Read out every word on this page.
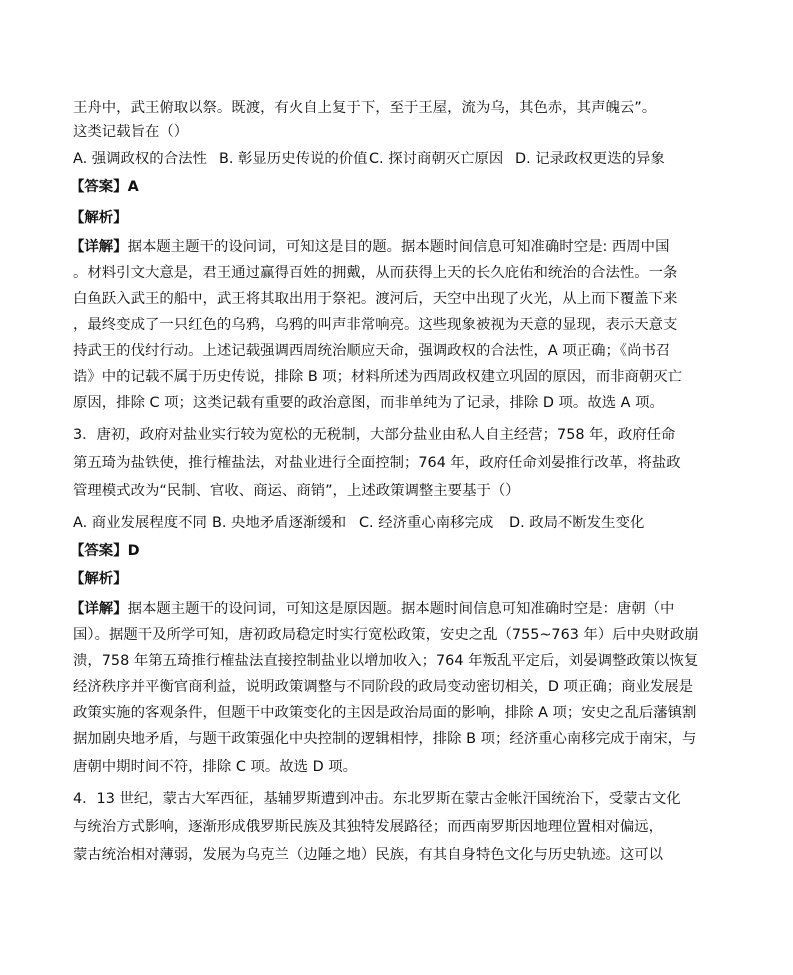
王舟中，武王俯取以祭。既渡，有火自上复于下，至于王屋，流为乌，其色赤，其声魄云”。
这类记载旨在（）
A. 强调政权的合法性 B. 彰显历史传说的价值 C. 探讨商朝灭亡原因 D. 记录政权更迭的异象
【答案】A
【解析】
【详解】据本题主题干的设问词，可知这是目的题。据本题时间信息可知准确时空是: 西周中国
。材料引文大意是，君王通过赢得百姓的拥戴，从而获得上天的长久庇佑和统治的合法性。一条
白鱼跃入武王的船中，武王将其取出用于祭祀。渡河后，天空中出现了火光，从上而下覆盖下来
，最终变成了一只红色的乌鸦，乌鸦的叫声非常响亮。这些现象被视为天意的显现，表示天意支
持武王的伐纣行动。上述记载强调西周统治顺应天命，强调政权的合法性，A 项正确；《尚书召
诰》中的记载不属于历史传说，排除 B 项；材料所述为西周政权建立巩固的原因，而非商朝灭亡
原因，排除 C 项；这类记载有重要的政治意图，而非单纯为了记录，排除 D 项。故选 A 项。
3．唐初，政府对盐业实行较为宽松的无税制，大部分盐业由私人自主经营；758 年，政府任命
第五琦为盐铁使，推行榷盐法，对盐业进行全面控制；764 年，政府任命刘晏推行改革，将盐政
管理模式改为“民制、官收、商运、商销”，上述政策调整主要基于（）
A. 商业发展程度不同 B. 央地矛盾逐渐缓和 C. 经济重心南移完成 D. 政局不断发生变化
【答案】D
【解析】
【详解】据本题主题干的设问词，可知这是原因题。据本题时间信息可知准确时空是：唐朝（中
国）。据题干及所学可知，唐初政局稳定时实行宽松政策，安史之乱（755~763 年）后中央财政崩
溃，758 年第五琦推行榷盐法直接控制盐业以增加收入；764 年叛乱平定后，刘晏调整政策以恢复
经济秩序并平衡官商利益，说明政策调整与不同阶段的政局变动密切相关，D 项正确；商业发展是
政策实施的客观条件，但题干中政策变化的主因是政治局面的影响，排除 A 项；安史之乱后藩镇割
据加剧央地矛盾，与题干政策强化中央控制的逻辑相悖，排除 B 项；经济重心南移完成于南宋，与
唐朝中期时间不符，排除 C 项。故选 D 项。
4．13 世纪，蒙古大军西征，基辅罗斯遭到冲击。东北罗斯在蒙古金帐汗国统治下，受蒙古文化
与统治方式影响，逐渐形成俄罗斯民族及其独特发展路径；而西南罗斯因地理位置相对偏远，
蒙古统治相对薄弱，发展为乌克兰（边陲之地）民族，有其自身特色文化与历史轨迹。这可以
